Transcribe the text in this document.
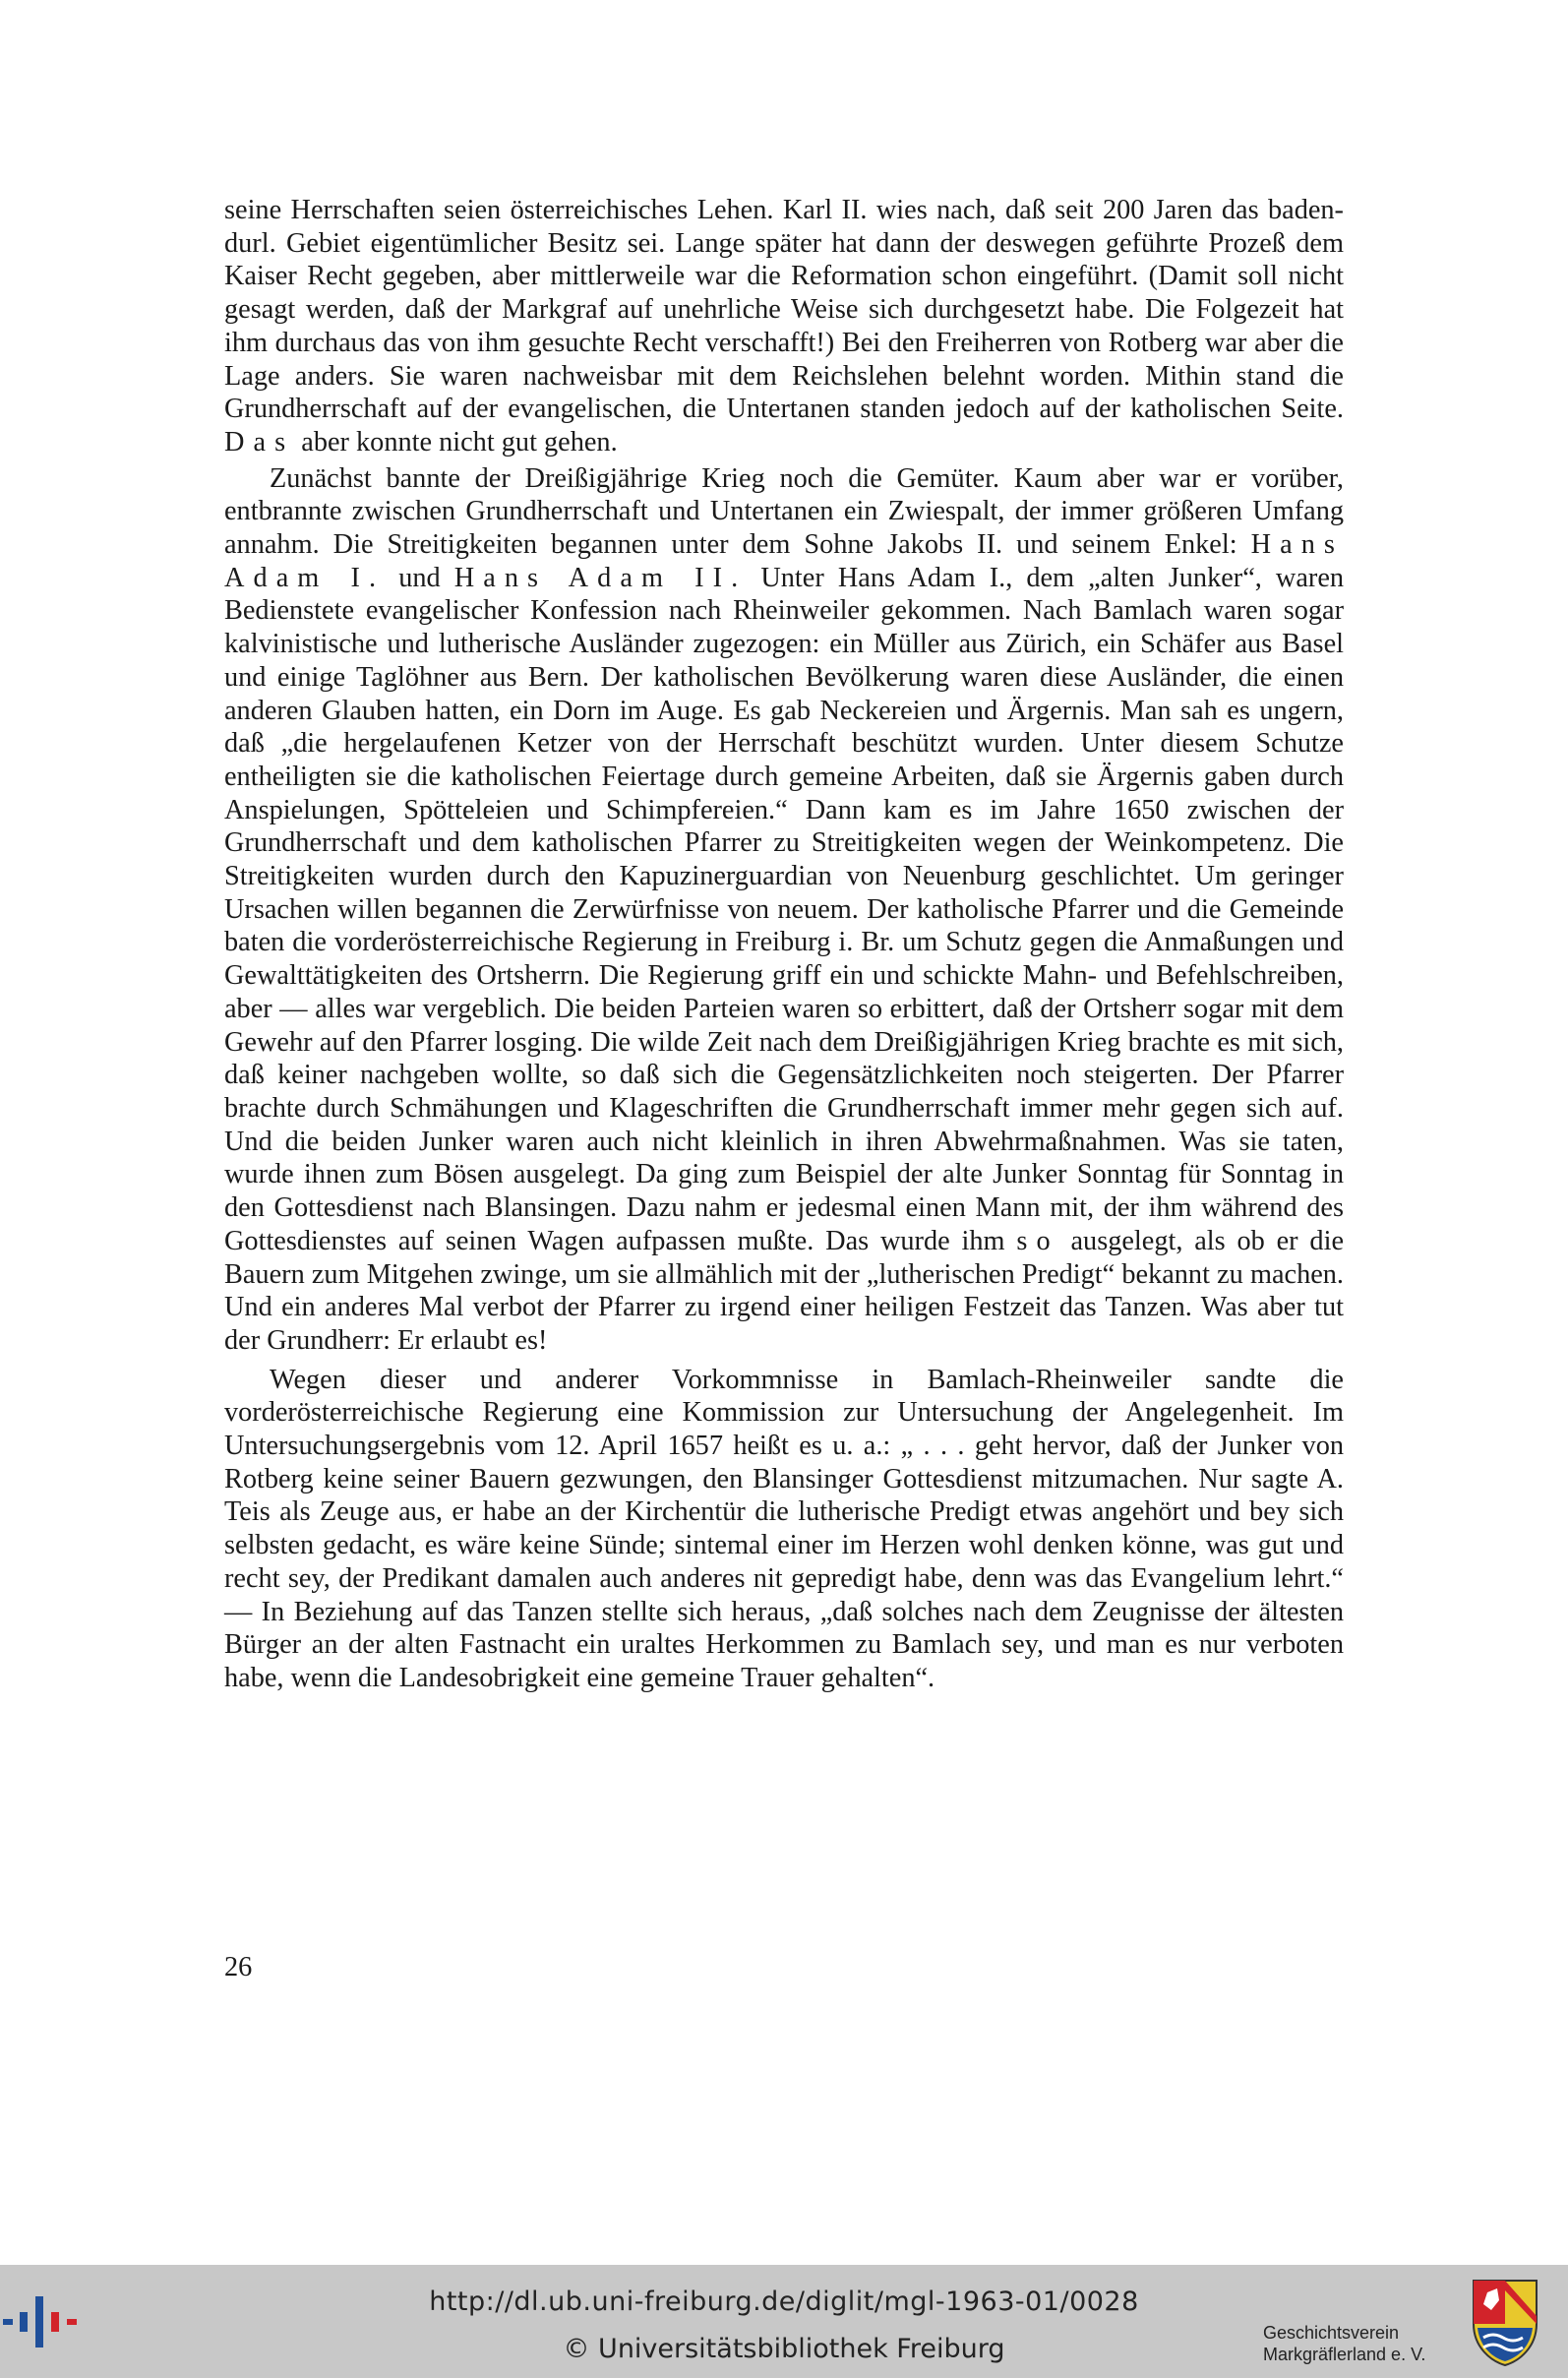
seine Herrschaften seien österreichisches Lehen. Karl II. wies nach, daß seit 200 Jaren das baden-durl. Gebiet eigentümlicher Besitz sei. Lange später hat dann der deswegen geführte Prozeß dem Kaiser Recht gegeben, aber mittlerweile war die Reformation schon eingeführt. (Damit soll nicht gesagt werden, daß der Markgraf auf unehrliche Weise sich durchgesetzt habe. Die Folgezeit hat ihm durchaus das von ihm gesuchte Recht verschafft!) Bei den Freiherren von Rotberg war aber die Lage anders. Sie waren nachweisbar mit dem Reichslehen belehnt worden. Mithin stand die Grundherrschaft auf der evangelischen, die Untertanen standen jedoch auf der katholischen Seite. Das aber konnte nicht gut gehen.

Zunächst bannte der Dreißigjährige Krieg noch die Gemüter. Kaum aber war er vorüber, entbrannte zwischen Grundherrschaft und Untertanen ein Zwiespalt, der immer größeren Umfang annahm. Die Streitigkeiten begannen unter dem Sohne Jakobs II. und seinem Enkel: Hans Adam I. und Hans Adam II. Unter Hans Adam I., dem „alten Junker“, waren Bedienstete evangelischer Konfession nach Rheinweiler gekommen. Nach Bamlach waren sogar kalvinistische und lutherische Ausländer zugezogen: ein Müller aus Zürich, ein Schäfer aus Basel und einige Taglöhner aus Bern. Der katholischen Bevölkerung waren diese Ausländer, die einen anderen Glauben hatten, ein Dorn im Auge. Es gab Neckereien und Ärgernis. Man sah es ungern, daß „die hergelaufenen Ketzer von der Herrschaft beschützt wurden. Unter diesem Schutze entheiligten sie die katholischen Feiertage durch gemeine Arbeiten, daß sie Ärgernis gaben durch Anspielungen, Spötteleien und Schimpfereien.“ Dann kam es im Jahre 1650 zwischen der Grundherrschaft und dem katholischen Pfarrer zu Streitigkeiten wegen der Weinkompetenz. Die Streitigkeiten wurden durch den Kapuzinerguardian von Neuenburg geschlichtet. Um geringer Ursachen willen begannen die Zerwürfnisse von neuem. Der katholische Pfarrer und die Gemeinde baten die vorderösterreichische Regierung in Freiburg i. Br. um Schutz gegen die Anmaßungen und Gewalttätigkeiten des Ortsherrn. Die Regierung griff ein und schickte Mahn- und Befehlschreiben, aber — alles war vergeblich. Die beiden Parteien waren so erbittert, daß der Ortsherr sogar mit dem Gewehr auf den Pfarrer losging. Die wilde Zeit nach dem Dreißigjährigen Krieg brachte es mit sich, daß keiner nachgeben wollte, so daß sich die Gegensätzlichkeiten noch steigerten. Der Pfarrer brachte durch Schmähungen und Klageschriften die Grundherrschaft immer mehr gegen sich auf. Und die beiden Junker waren auch nicht kleinlich in ihren Abwehrmaßnahmen. Was sie taten, wurde ihnen zum Bösen ausgelegt. Da ging zum Beispiel der alte Junker Sonntag für Sonntag in den Gottesdienst nach Blansingen. Dazu nahm er jedesmal einen Mann mit, der ihm während des Gottesdienstes auf seinen Wagen aufpassen mußte. Das wurde ihm so ausgelegt, als ob er die Bauern zum Mitgehen zwinge, um sie allmählich mit der „lutherischen Predigt“ bekannt zu machen. Und ein anderes Mal verbot der Pfarrer zu irgend einer heiligen Festzeit das Tanzen. Was aber tut der Grundherr: Er erlaubt es!

Wegen dieser und anderer Vorkommnisse in Bamlach-Rheinweiler sandte die vorderösterreichische Regierung eine Kommission zur Untersuchung der Angelegenheit. Im Untersuchungsergebnis vom 12. April 1657 heißt es u. a.: „ . . . geht hervor, daß der Junker von Rotberg keine seiner Bauern gezwungen, den Blansinger Gottesdienst mitzumachen. Nur sagte A. Teis als Zeuge aus, er habe an der Kirchentür die lutherische Predigt etwas angehört und bey sich selbsten gedacht, es wäre keine Sünde; sintemal einer im Herzen wohl denken könne, was gut und recht sey, der Predikant damalen auch anderes nit gepredigt habe, denn was das Evangelium lehrt.“ — In Beziehung auf das Tanzen stellte sich heraus, „daß solches nach dem Zeugnisse der ältesten Bürger an der alten Fastnacht ein uraltes Herkommen zu Bamlach sey, und man es nur verboten habe, wenn die Landesobrigkeit eine gemeine Trauer gehalten“.

26
http://dl.ub.uni-freiburg.de/diglit/mgl-1963-01/0028
© Universitätsbibliothek Freiburg
Geschichtsverein
Markgräflerland e. V.
